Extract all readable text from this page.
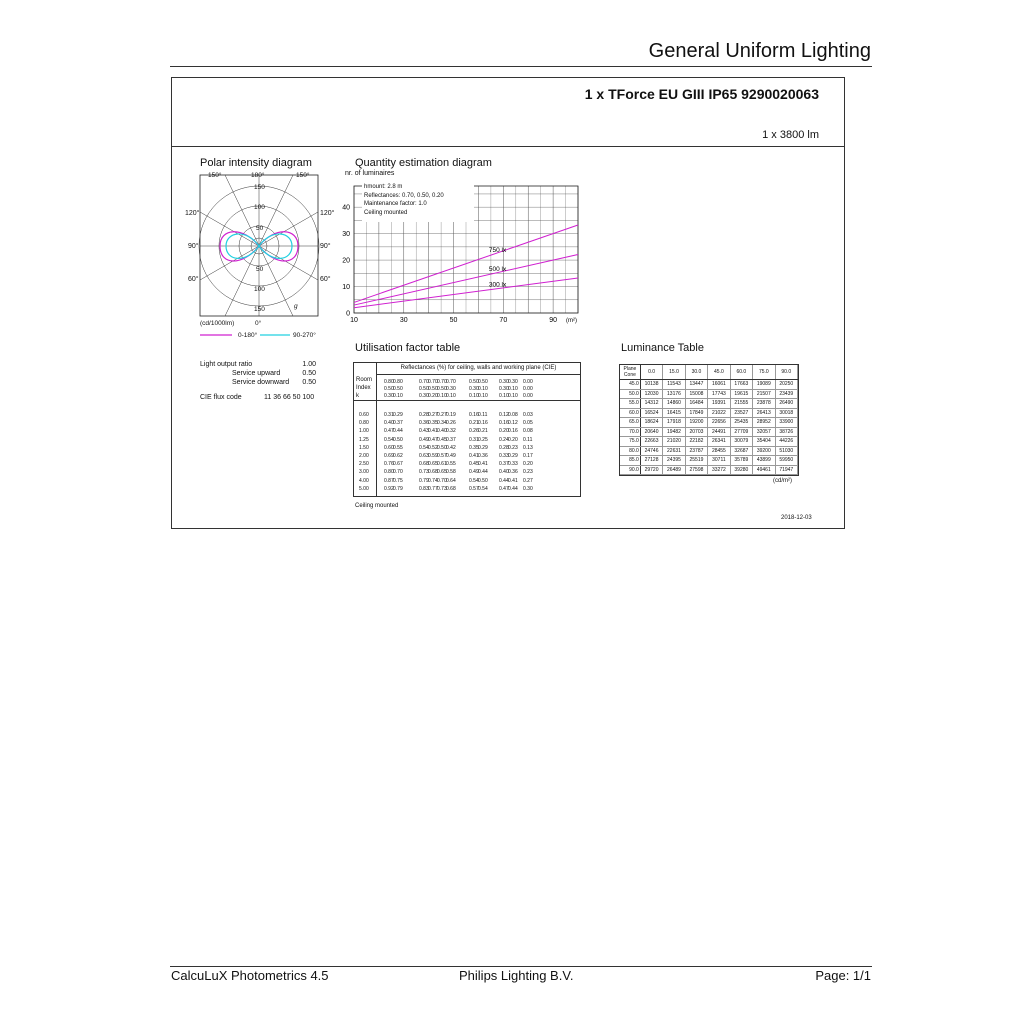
General Uniform Lighting
1 x TForce EU GIII IP65 9290020063
1 x 3800 lm
Polar intensity diagram
150°	180°	150°
150
100
50
50
100
150	g
(cd/1000lm)	0°
0-180°	90-270°
120°
90°
60°
120°
90°
60°
Light output ratio	1.00
Service upward	0.50
Service downward 0.50
CIE flux code	11 36 66 50 100
Quantity estimation diagram
nr. of luminaires
10	30	50	70	90
0
10
20
30
40
(m²)
750 lx
500 lx
300 lx
hmount: 2.8 m
Reflectances: 0.70, 0.50, 0.20
Maintenance factor: 1.0
Ceiling mounted
Utilisation factor table
Reflectances (%) for ceiling, walls and working plane (CIE)
Room
Index
k
0.80 0.80	0.70 0.70 0.70 0.70	0.50 0.50 0.30 0.30 0.00
0.50 0.50	0.50 0.50 0.50 0.30	0.30 0.10 0.30 0.10 0.00
0.30 0.10	0.30 0.20 0.10 0.10	0.10 0.10 0.10 0.10 0.00
0.60	0.31 0.29	0.28 0.27 0.27 0.19	0.16 0.11 0.12 0.08 0.03
0.80	0.40 0.37	0.36 0.35 0.34 0.26	0.21 0.16 0.16 0.12 0.05
1.00	0.47 0.44	0.43 0.41 0.40 0.32	0.26 0.21 0.20 0.16 0.08
1.25	0.54 0.50	0.49 0.47 0.45 0.37	0.31 0.25 0.24 0.20 0.11
1.50	0.60 0.55	0.54 0.52 0.50 0.42	0.35 0.29 0.28 0.23 0.13
2.00	0.69 0.62	0.63 0.59 0.57 0.49	0.41 0.36 0.33 0.29 0.17
2.50	0.76 0.67	0.68 0.65 0.61 0.55	0.45 0.41 0.37 0.33 0.20
3.00	0.80 0.70	0.73 0.68 0.65 0.58	0.49 0.44 0.40 0.36 0.23
4.00	0.87 0.75	0.79 0.74 0.70 0.64	0.54 0.50 0.44 0.41 0.27
5.00	0.92 0.79	0.83 0.77 0.73 0.68	0.57 0.54 0.47 0.44 0.30
Ceiling mounted
Luminance Table
Plane
Cone	0.0	15.0	30.0	45.0	60.0	75.0	90.0
45.0	10138	11543	13447	16061	17663	19089	20250
50.0	12030	13176	15008	17743	19615	21507	23439
55.0	14312	14860	16484	19391	21555	23878	26490
60.0	16524	16415	17849	21022	23527	26413	30018
65.0	18624	17918	19200	22656	25435	28952	33900
70.0	20640	19482	20703	24491	27709	32057	38726
75.0	22663	21020	22182	26341	30079	35404	44226
80.0	24746	22631	23787	28455	32687	39200	51030
85.0	27128	24395	25519	30711	35789	43899	59950
90.0	29720	26489	27598	33272	39280	49461	71947
(cd/m²)
2018-12-03
CalcuLuX Photometrics 4.5	Philips Lighting B.V.	Page: 1/1
